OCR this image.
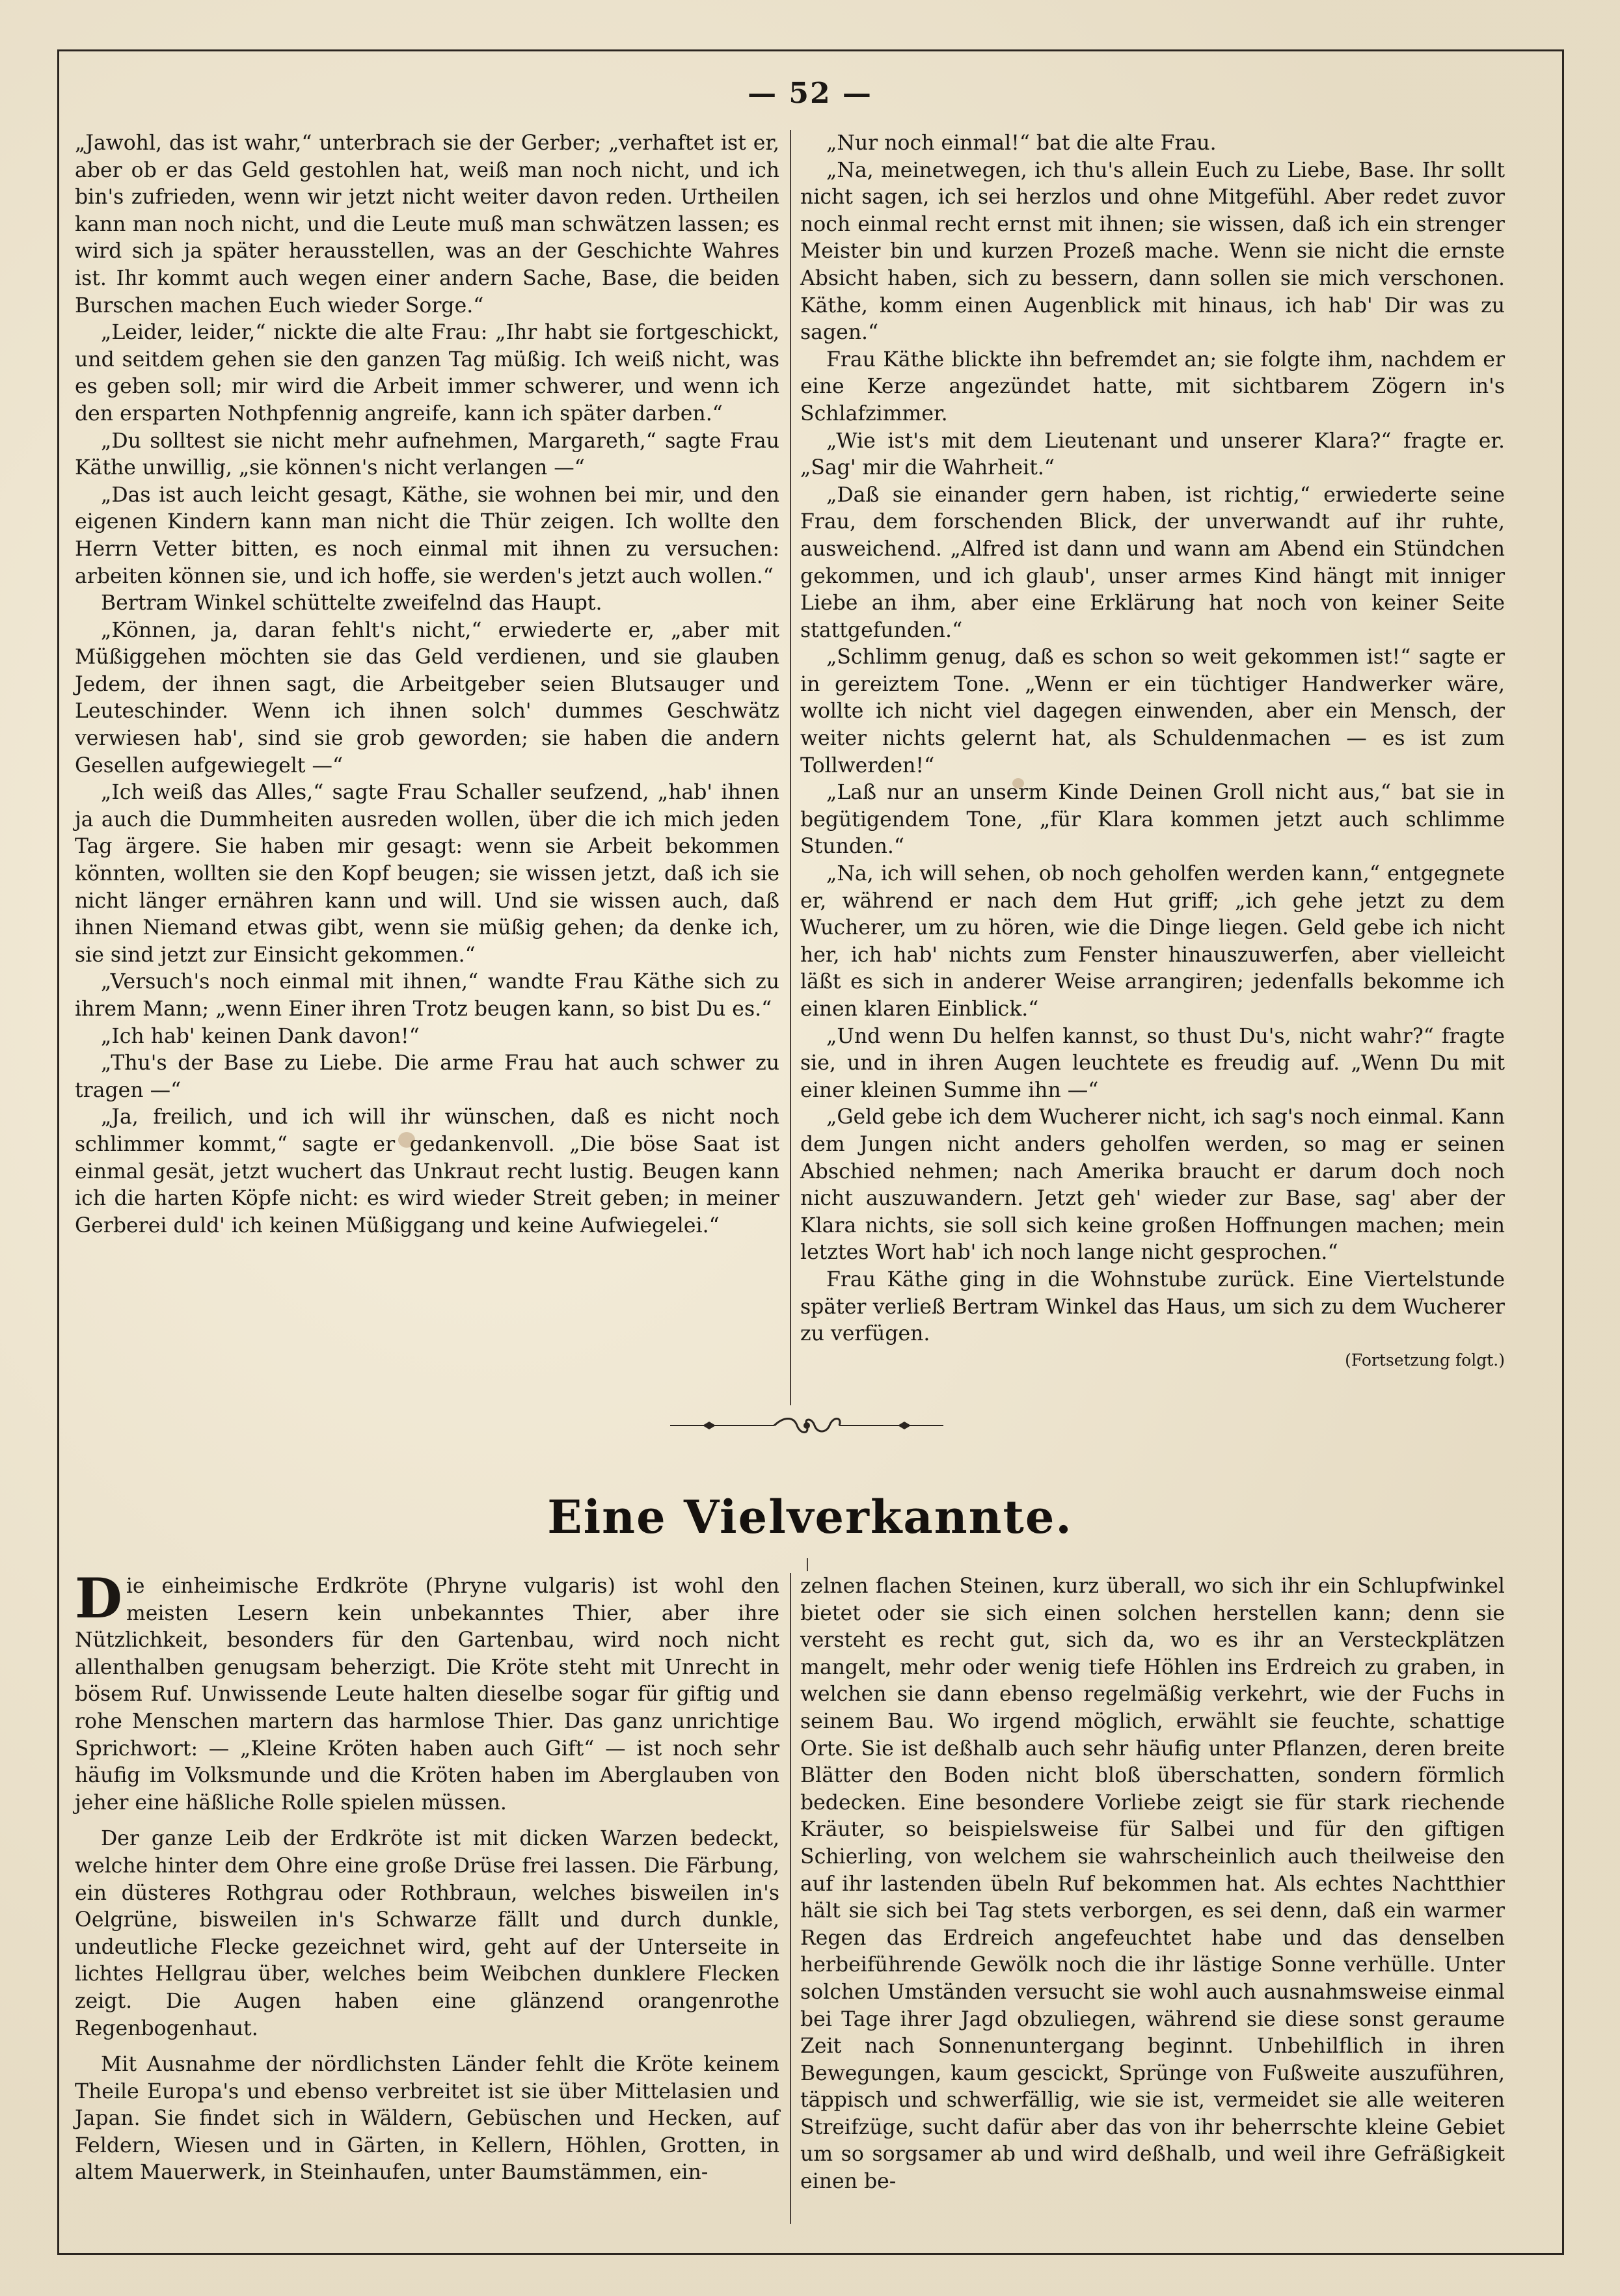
— 52 —

„Jawohl, das ist wahr,“ unterbrach sie der Gerber; „verhaftet ist er, aber ob er das Geld gestohlen hat, weiß man noch nicht, und ich bin's zufrieden, wenn wir jetzt nicht weiter davon reden. Urtheilen kann man noch nicht, und die Leute muß man schwätzen lassen; es wird sich ja später herausstellen, was an der Geschichte Wahres ist. Ihr kommt auch wegen einer andern Sache, Base, die beiden Burschen machen Euch wieder Sorge.“

„Leider, leider,“ nickte die alte Frau: „Ihr habt sie fortgeschickt, und seitdem gehen sie den ganzen Tag müßig. Ich weiß nicht, was es geben soll; mir wird die Arbeit immer schwerer, und wenn ich den ersparten Nothpfennig angreife, kann ich später darben.“

„Du solltest sie nicht mehr aufnehmen, Margareth,“ sagte Frau Käthe unwillig, „sie können's nicht verlangen —“

„Das ist auch leicht gesagt, Käthe, sie wohnen bei mir, und den eigenen Kindern kann man nicht die Thür zeigen. Ich wollte den Herrn Vetter bitten, es noch einmal mit ihnen zu versuchen: arbeiten können sie, und ich hoffe, sie werden's jetzt auch wollen.“

Bertram Winkel schüttelte zweifelnd das Haupt.

„Können, ja, daran fehlt's nicht,“ erwiederte er, „aber mit Müßiggehen möchten sie das Geld verdienen, und sie glauben Jedem, der ihnen sagt, die Arbeitgeber seien Blutsauger und Leuteschinder. Wenn ich ihnen solch' dummes Geschwätz verwiesen hab', sind sie grob geworden; sie haben die andern Gesellen aufgewiegelt —“

„Ich weiß das Alles,“ sagte Frau Schaller seufzend, „hab' ihnen ja auch die Dummheiten ausreden wollen, über die ich mich jeden Tag ärgere. Sie haben mir gesagt: wenn sie Arbeit bekommen könnten, wollten sie den Kopf beugen; sie wissen jetzt, daß ich sie nicht länger ernähren kann und will. Und sie wissen auch, daß ihnen Niemand etwas gibt, wenn sie müßig gehen; da denke ich, sie sind jetzt zur Einsicht gekommen.“

„Versuch's noch einmal mit ihnen,“ wandte Frau Käthe sich zu ihrem Mann; „wenn Einer ihren Trotz beugen kann, so bist Du es.“

„Ich hab' keinen Dank davon!“

„Thu's der Base zu Liebe. Die arme Frau hat auch schwer zu tragen —“

„Ja, freilich, und ich will ihr wünschen, daß es nicht noch schlimmer kommt,“ sagte er gedankenvoll. „Die böse Saat ist einmal gesät, jetzt wuchert das Unkraut recht lustig. Beugen kann ich die harten Köpfe nicht: es wird wieder Streit geben; in meiner Gerberei duld' ich keinen Müßiggang und keine Aufwiegelei.“

„Nur noch einmal!“ bat die alte Frau.

„Na, meinetwegen, ich thu's allein Euch zu Liebe, Base. Ihr sollt nicht sagen, ich sei herzlos und ohne Mitgefühl. Aber redet zuvor noch einmal recht ernst mit ihnen; sie wissen, daß ich ein strenger Meister bin und kurzen Prozeß mache. Wenn sie nicht die ernste Absicht haben, sich zu bessern, dann sollen sie mich verschonen. Käthe, komm einen Augenblick mit hinaus, ich hab' Dir was zu sagen.“

Frau Käthe blickte ihn befremdet an; sie folgte ihm, nachdem er eine Kerze angezündet hatte, mit sichtbarem Zögern in's Schlafzimmer.

„Wie ist's mit dem Lieutenant und unserer Klara?“ fragte er. „Sag' mir die Wahrheit.“

„Daß sie einander gern haben, ist richtig,“ erwiederte seine Frau, dem forschenden Blick, der unverwandt auf ihr ruhte, ausweichend. „Alfred ist dann und wann am Abend ein Stündchen gekommen, und ich glaub', unser armes Kind hängt mit inniger Liebe an ihm, aber eine Erklärung hat noch von keiner Seite stattgefunden.“

„Schlimm genug, daß es schon so weit gekommen ist!“ sagte er in gereiztem Tone. „Wenn er ein tüchtiger Handwerker wäre, wollte ich nicht viel dagegen einwenden, aber ein Mensch, der weiter nichts gelernt hat, als Schuldenmachen — es ist zum Tollwerden!“

„Laß nur an unserm Kinde Deinen Groll nicht aus,“ bat sie in begütigendem Tone, „für Klara kommen jetzt auch schlimme Stunden.“

„Na, ich will sehen, ob noch geholfen werden kann,“ entgegnete er, während er nach dem Hut griff; „ich gehe jetzt zu dem Wucherer, um zu hören, wie die Dinge liegen. Geld gebe ich nicht her, ich hab' nichts zum Fenster hinauszuwerfen, aber vielleicht läßt es sich in anderer Weise arrangiren; jedenfalls bekomme ich einen klaren Einblick.“

„Und wenn Du helfen kannst, so thust Du's, nicht wahr?“ fragte sie, und in ihren Augen leuchtete es freudig auf. „Wenn Du mit einer kleinen Summe ihn —“

„Geld gebe ich dem Wucherer nicht, ich sag's noch einmal. Kann dem Jungen nicht anders geholfen werden, so mag er seinen Abschied nehmen; nach Amerika braucht er darum doch noch nicht auszuwandern. Jetzt geh' wieder zur Base, sag' aber der Klara nichts, sie soll sich keine großen Hoffnungen machen; mein letztes Wort hab' ich noch lange nicht gesprochen.“

Frau Käthe ging in die Wohnstube zurück. Eine Viertelstunde später verließ Bertram Winkel das Haus, um sich zu dem Wucherer zu verfügen.

(Fortsetzung folgt.)
Eine Vielverkannte.

Die einheimische Erdkröte (Phryne vulgaris) ist wohl den meisten Lesern kein unbekanntes Thier, aber ihre Nützlichkeit, besonders für den Gartenbau, wird noch nicht allenthalben genugsam beherzigt. Die Kröte steht mit Unrecht in bösem Ruf. Unwissende Leute halten dieselbe sogar für giftig und rohe Menschen martern das harmlose Thier. Das ganz unrichtige Sprichwort: — „Kleine Kröten haben auch Gift“ — ist noch sehr häufig im Volksmunde und die Kröten haben im Aberglauben von jeher eine häßliche Rolle spielen müssen.

Der ganze Leib der Erdkröte ist mit dicken Warzen bedeckt, welche hinter dem Ohre eine große Drüse frei lassen. Die Färbung, ein düsteres Rothgrau oder Rothbraun, welches bisweilen in's Oelgrüne, bisweilen in's Schwarze fällt und durch dunkle, undeutliche Flecke gezeichnet wird, geht auf der Unterseite in lichtes Hellgrau über, welches beim Weibchen dunklere Flecken zeigt. Die Augen haben eine glänzend orangenrothe Regenbogenhaut.

Mit Ausnahme der nördlichsten Länder fehlt die Kröte keinem Theile Europa's und ebenso verbreitet ist sie über Mittelasien und Japan. Sie findet sich in Wäldern, Gebüschen und Hecken, auf Feldern, Wiesen und in Gärten, in Kellern, Höhlen, Grotten, in altem Mauerwerk, in Steinhaufen, unter Baumstämmen, ein-

zelnen flachen Steinen, kurz überall, wo sich ihr ein Schlupfwinkel bietet oder sie sich einen solchen herstellen kann; denn sie versteht es recht gut, sich da, wo es ihr an Versteckplätzen mangelt, mehr oder wenig tiefe Höhlen ins Erdreich zu graben, in welchen sie dann ebenso regelmäßig verkehrt, wie der Fuchs in seinem Bau. Wo irgend möglich, erwählt sie feuchte, schattige Orte. Sie ist deßhalb auch sehr häufig unter Pflanzen, deren breite Blätter den Boden nicht bloß überschatten, sondern förmlich bedecken. Eine besondere Vorliebe zeigt sie für stark riechende Kräuter, so beispielsweise für Salbei und für den giftigen Schierling, von welchem sie wahrscheinlich auch theilweise den auf ihr lastenden übeln Ruf bekommen hat. Als echtes Nachtthier hält sie sich bei Tag stets verborgen, es sei denn, daß ein warmer Regen das Erdreich angefeuchtet habe und das denselben herbeiführende Gewölk noch die ihr lästige Sonne verhülle. Unter solchen Umständen versucht sie wohl auch ausnahmsweise einmal bei Tage ihrer Jagd obzuliegen, während sie diese sonst geraume Zeit nach Sonnenuntergang beginnt. Unbehilflich in ihren Bewegungen, kaum gescickt, Sprünge von Fußweite auszuführen, täppisch und schwerfällig, wie sie ist, vermeidet sie alle weiteren Streifzüge, sucht dafür aber das von ihr beherrschte kleine Gebiet um so sorgsamer ab und wird deßhalb, und weil ihre Gefräßigkeit einen be-
